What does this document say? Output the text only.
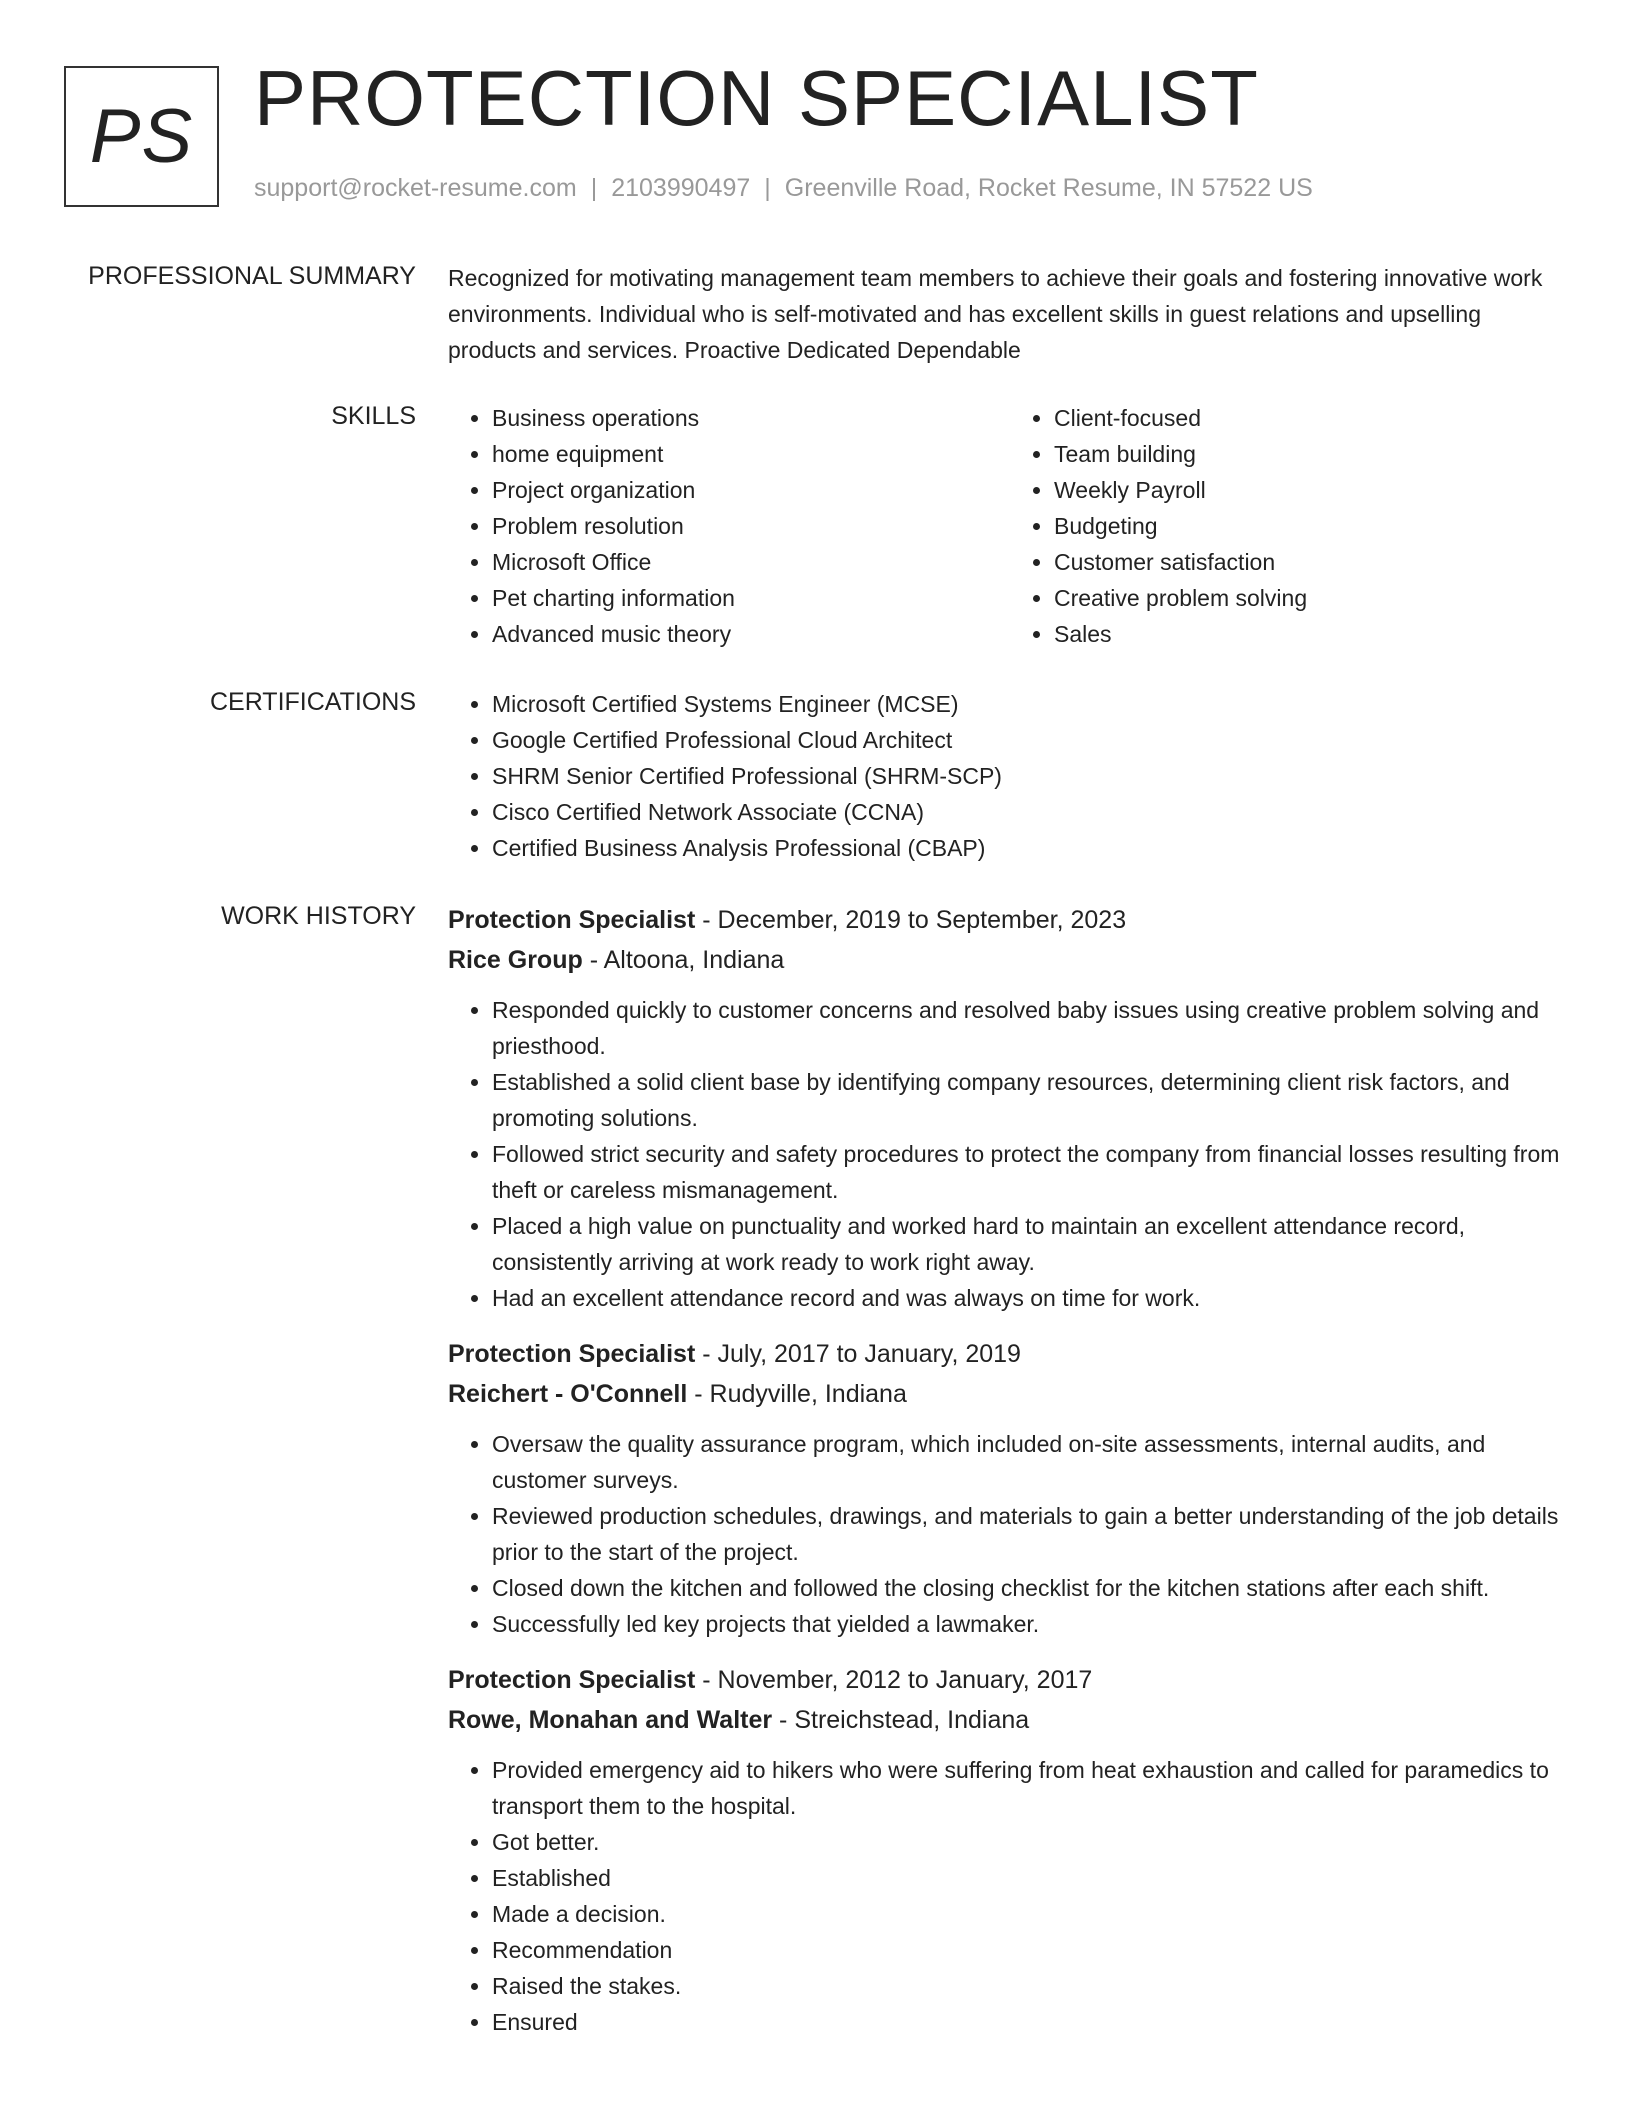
PS PROTECTION SPECIALIST
support@rocket-resume.com | 2103990497 | Greenville Road, Rocket Resume, IN 57522 US
PROFESSIONAL SUMMARY Recognized for motivating management team members to achieve their goals and fostering innovative work environments. Individual who is self-motivated and has excellent skills in guest relations and upselling products and services. Proactive Dedicated Dependable

SKILLS	• Business operations
• home equipment
• Project organization
• Problem resolution
• Microsoft Office
• Pet charting information
• Advanced music theory
• Client-focused
• Team building
• Weekly Payroll
• Budgeting
• Customer satisfaction
• Creative problem solving
• Sales
CERTIFICATIONS	• Microsoft Certified Systems Engineer (MCSE)
• Google Certified Professional Cloud Architect
• SHRM Senior Certified Professional (SHRM-SCP)
• Cisco Certified Network Associate (CCNA)
• Certified Business Analysis Professional (CBAP)
WORK HISTORY Protection Specialist - December, 2019 to September, 2023
Rice Group - Altoona, Indiana
• Responded quickly to customer concerns and resolved baby issues using creative problem solving and priesthood.
• Established a solid client base by identifying company resources, determining client risk factors, and promoting solutions.
• Followed strict security and safety procedures to protect the company from financial losses resulting from theft or careless mismanagement.
• Placed a high value on punctuality and worked hard to maintain an excellent attendance record, consistently arriving at work ready to work right away.
• Had an excellent attendance record and was always on time for work.
Protection Specialist - July, 2017 to January, 2019
Reichert - O'Connell - Rudyville, Indiana
• Oversaw the quality assurance program, which included on-site assessments, internal audits, and customer surveys.
• Reviewed production schedules, drawings, and materials to gain a better understanding of the job details prior to the start of the project.
• Closed down the kitchen and followed the closing checklist for the kitchen stations after each shift.
• Successfully led key projects that yielded a lawmaker.
Protection Specialist - November, 2012 to January, 2017
Rowe, Monahan and Walter - Streichstead, Indiana
• Provided emergency aid to hikers who were suffering from heat exhaustion and called for paramedics to transport them to the hospital.
• Got better.
• Established
• Made a decision.
• Recommendation
• Raised the stakes.
• Ensured
